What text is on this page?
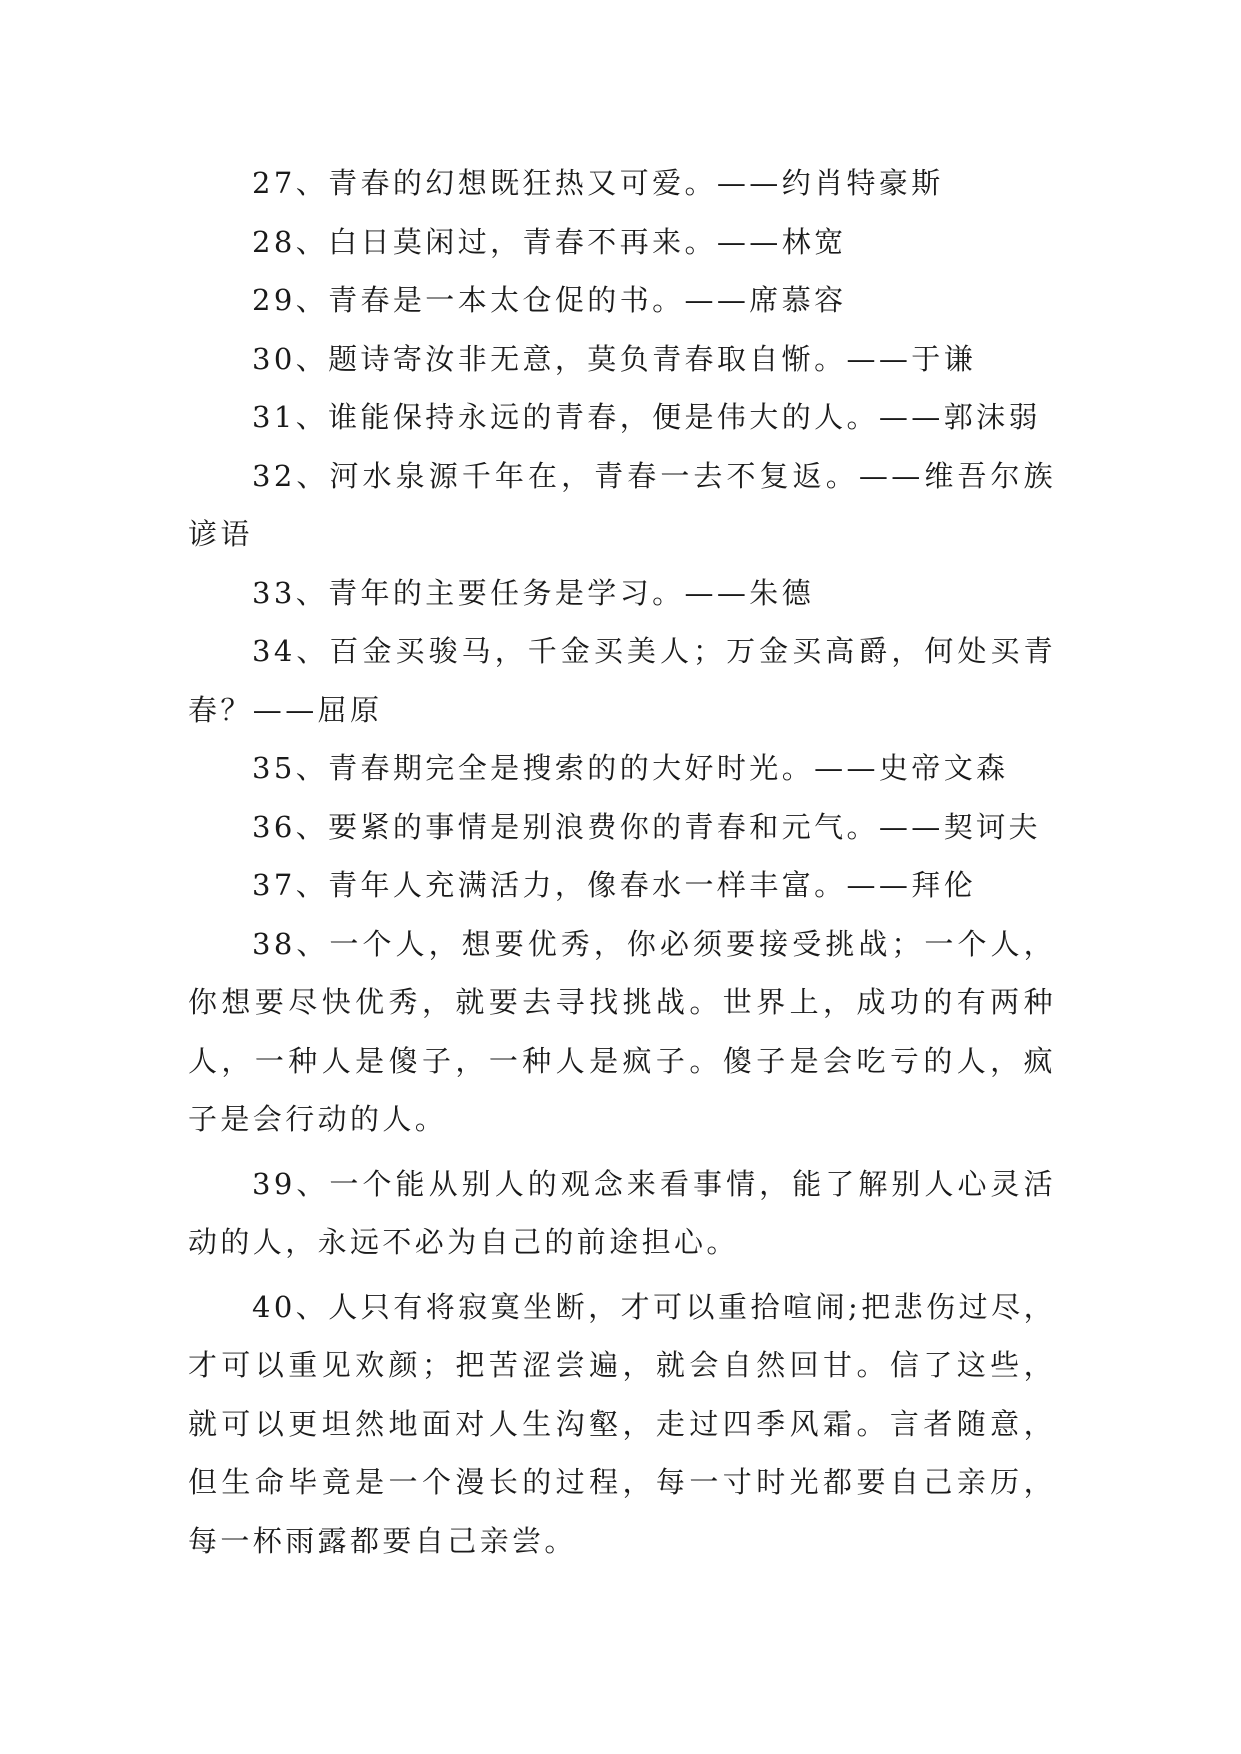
27、青春的幻想既狂热又可爱。——约肖特豪斯

28、白日莫闲过，青春不再来。——林宽

29、青春是一本太仓促的书。——席慕容

30、题诗寄汝非无意，莫负青春取自惭。——于谦

31、谁能保持永远的青春，便是伟大的人。——郭沫弱

32、河水泉源千年在，青春一去不复返。——维吾尔族谚语

33、青年的主要任务是学习。——朱德

34、百金买骏马，千金买美人；万金买高爵，何处买青春？——屈原

35、青春期完全是搜索的的大好时光。——史帝文森

36、要紧的事情是别浪费你的青春和元气。——契诃夫

37、青年人充满活力，像春水一样丰富。——拜伦

38、一个人，想要优秀，你必须要接受挑战；一个人，你想要尽快优秀，就要去寻找挑战。世界上，成功的有两种人，一种人是傻子，一种人是疯子。傻子是会吃亏的人，疯子是会行动的人。

39、一个能从别人的观念来看事情，能了解别人心灵活动的人，永远不必为自己的前途担心。

40、人只有将寂寞坐断，才可以重拾喧闹;把悲伤过尽，才可以重见欢颜；把苦涩尝遍，就会自然回甘。信了这些，就可以更坦然地面对人生沟壑，走过四季风霜。言者随意，但生命毕竟是一个漫长的过程，每一寸时光都要自己亲历，每一杯雨露都要自己亲尝。
